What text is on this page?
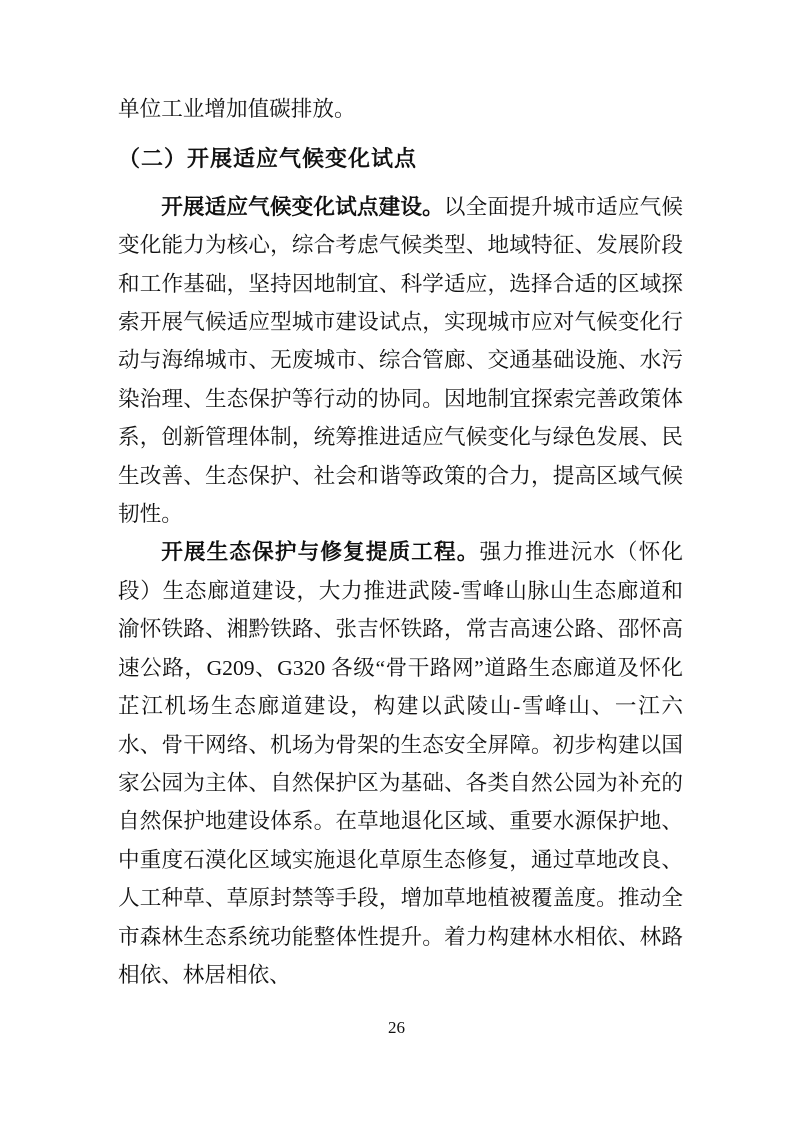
单位工业增加值碳排放。

（二）开展适应气候变化试点

开展适应气候变化试点建设。以全面提升城市适应气候变化能力为核心，综合考虑气候类型、地域特征、发展阶段和工作基础，坚持因地制宜、科学适应，选择合适的区域探索开展气候适应型城市建设试点，实现城市应对气候变化行动与海绵城市、无废城市、综合管廊、交通基础设施、水污染治理、生态保护等行动的协同。因地制宜探索完善政策体系，创新管理体制，统筹推进适应气候变化与绿色发展、民生改善、生态保护、社会和谐等政策的合力，提高区域气候韧性。

开展生态保护与修复提质工程。强力推进沅水（怀化段）生态廊道建设，大力推进武陵-雪峰山脉山生态廊道和渝怀铁路、湘黔铁路、张吉怀铁路，常吉高速公路、邵怀高速公路，G209、G320 各级“骨干路网”道路生态廊道及怀化芷江机场生态廊道建设，构建以武陵山-雪峰山、一江六水、骨干网络、机场为骨架的生态安全屏障。初步构建以国家公园为主体、自然保护区为基础、各类自然公园为补充的自然保护地建设体系。在草地退化区域、重要水源保护地、中重度石漠化区域实施退化草原生态修复，通过草地改良、人工种草、草原封禁等手段，增加草地植被覆盖度。推动全市森林生态系统功能整体性提升。着力构建林水相依、林路相依、林居相依、

26
